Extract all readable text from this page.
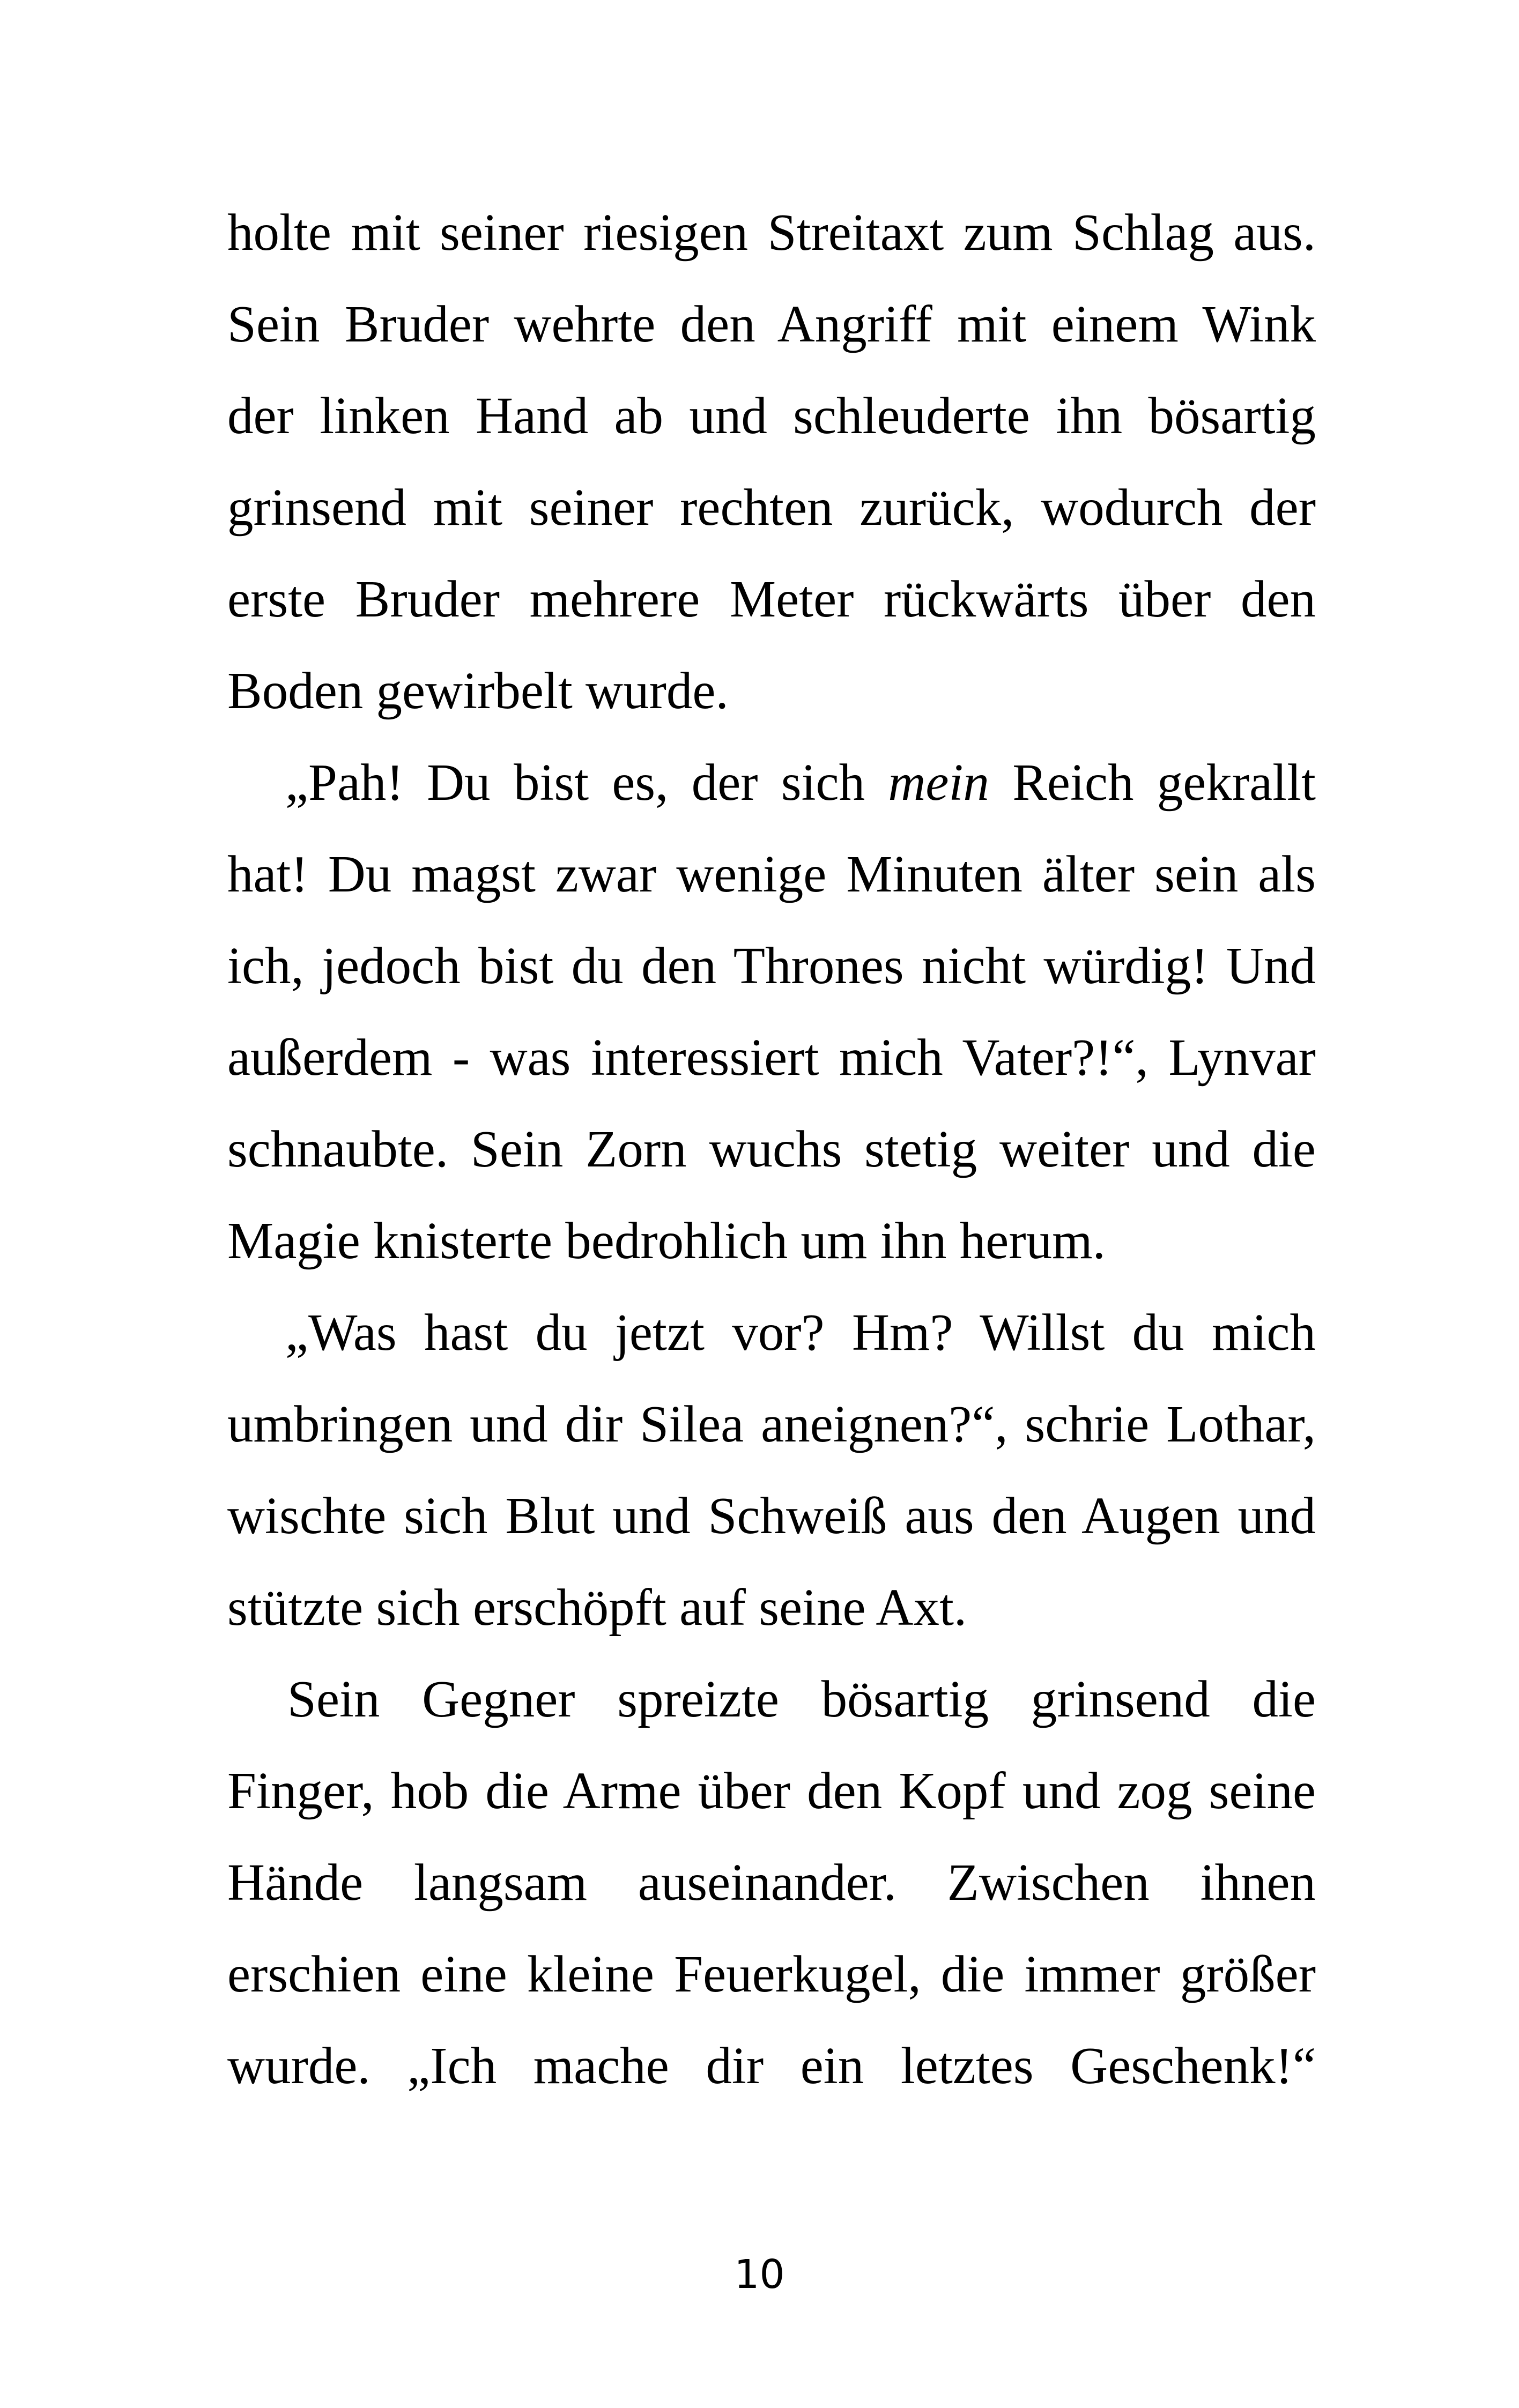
holte mit seiner riesigen Streitaxt zum Schlag aus.
Sein Bruder wehrte den Angriff mit einem Wink
der linken Hand ab und schleuderte ihn bösartig
grinsend mit seiner rechten zurück, wodurch der
erste Bruder mehrere Meter rückwärts über den
Boden gewirbelt wurde.
„Pah! Du bist es, der sich mein Reich gekrallt
hat! Du magst zwar wenige Minuten älter sein als
ich, jedoch bist du den Thrones nicht würdig! Und
außerdem - was interessiert mich Vater?!“, Lynvar
schnaubte. Sein Zorn wuchs stetig weiter und die
Magie knisterte bedrohlich um ihn herum.
„Was hast du jetzt vor? Hm? Willst du mich
umbringen und dir Silea aneignen?“, schrie Lothar,
wischte sich Blut und Schweiß aus den Augen und
stützte sich erschöpft auf seine Axt.
Sein Gegner spreizte bösartig grinsend die
Finger, hob die Arme über den Kopf und zog seine
Hände langsam auseinander. Zwischen ihnen
erschien eine kleine Feuerkugel, die immer größer
wurde. „Ich mache dir ein letztes Geschenk!“
10
